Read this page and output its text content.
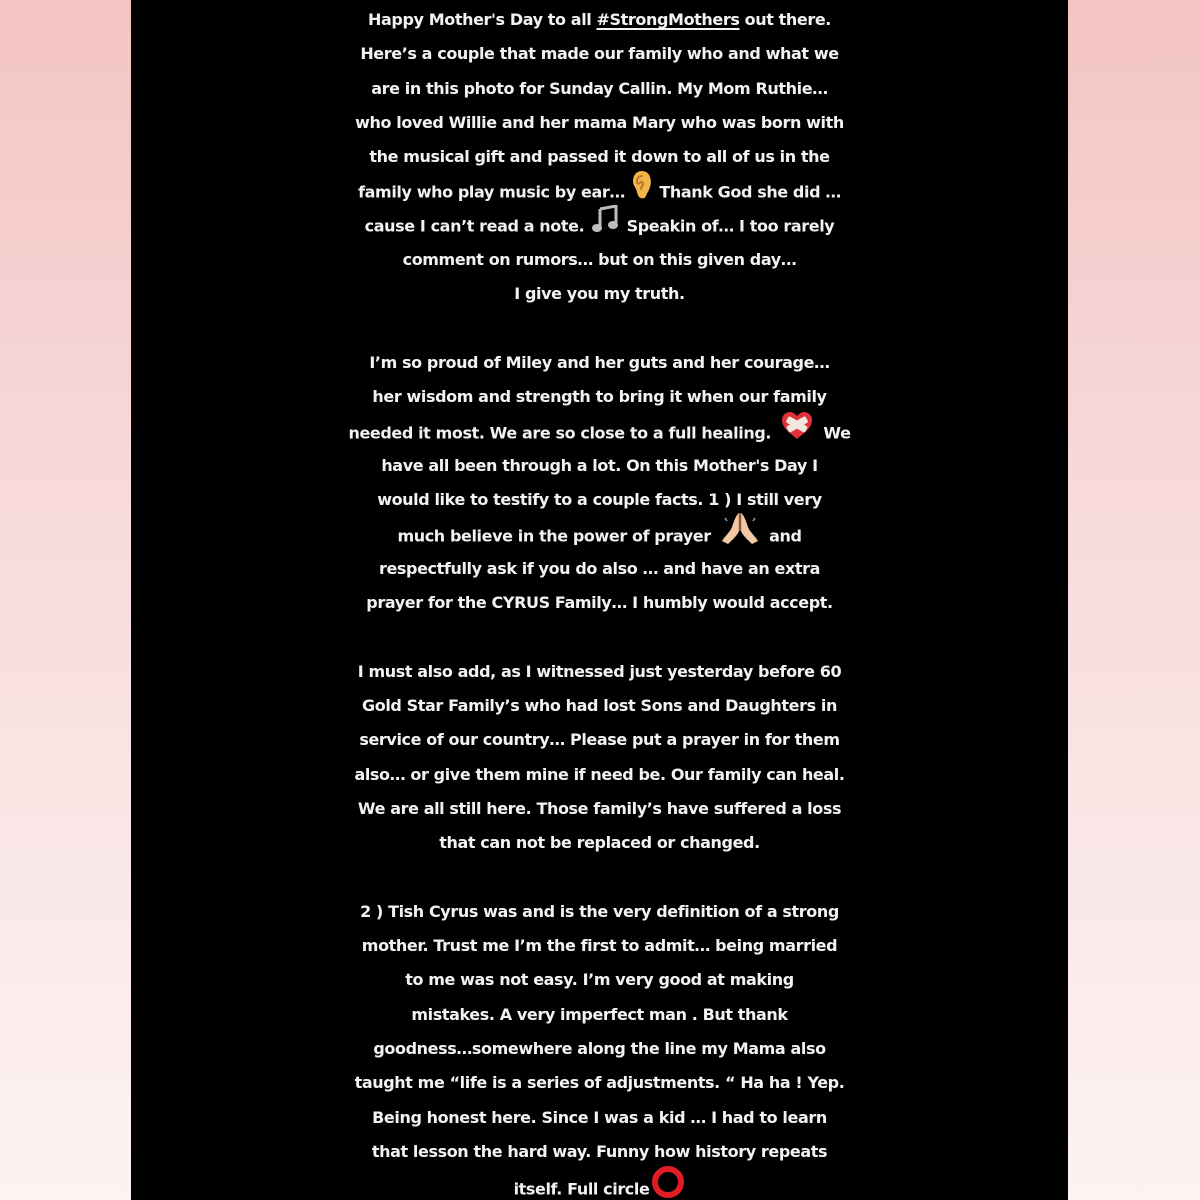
Happy Mother's Day to all #StrongMothers out there.
Here’s a couple that made our family who and what we
are in this photo for Sunday Callin. My Mom Ruthie…
who loved Willie and her mama Mary who was born with
the musical gift and passed it down to all of us in the
family who play music by ear…  Thank God she did …
cause I can’t read a note.  Speakin of… I too rarely
comment on rumors… but on this given day…
I give you my truth.
I’m so proud of Miley and her guts and her courage…
her wisdom and strength to bring it when our family
needed it most. We are so close to a full healing.	We
have all been through a lot. On this Mother's Day I
would like to testify to a couple facts. 1 ) I still very
much believe in the power of prayer	and
respectfully ask if you do also … and have an extra
prayer for the CYRUS Family… I humbly would accept.
I must also add, as I witnessed just yesterday before 60
Gold Star Family’s who had lost Sons and Daughters in
service of our country… Please put a prayer in for them
also… or give them mine if need be. Our family can heal.
We are all still here. Those family’s have suffered a loss
that can not be replaced or changed.
2 ) Tish Cyrus was and is the very definition of a strong
mother. Trust me I’m the first to admit… being married
to me was not easy. I’m very good at making
mistakes. A very imperfect man . But thank
goodness…somewhere along the line my Mama also
taught me “life is a series of adjustments. “ Ha ha ! Yep.
Being honest here. Since I was a kid … I had to learn
that lesson the hard way. Funny how history repeats
itself. Full circle
